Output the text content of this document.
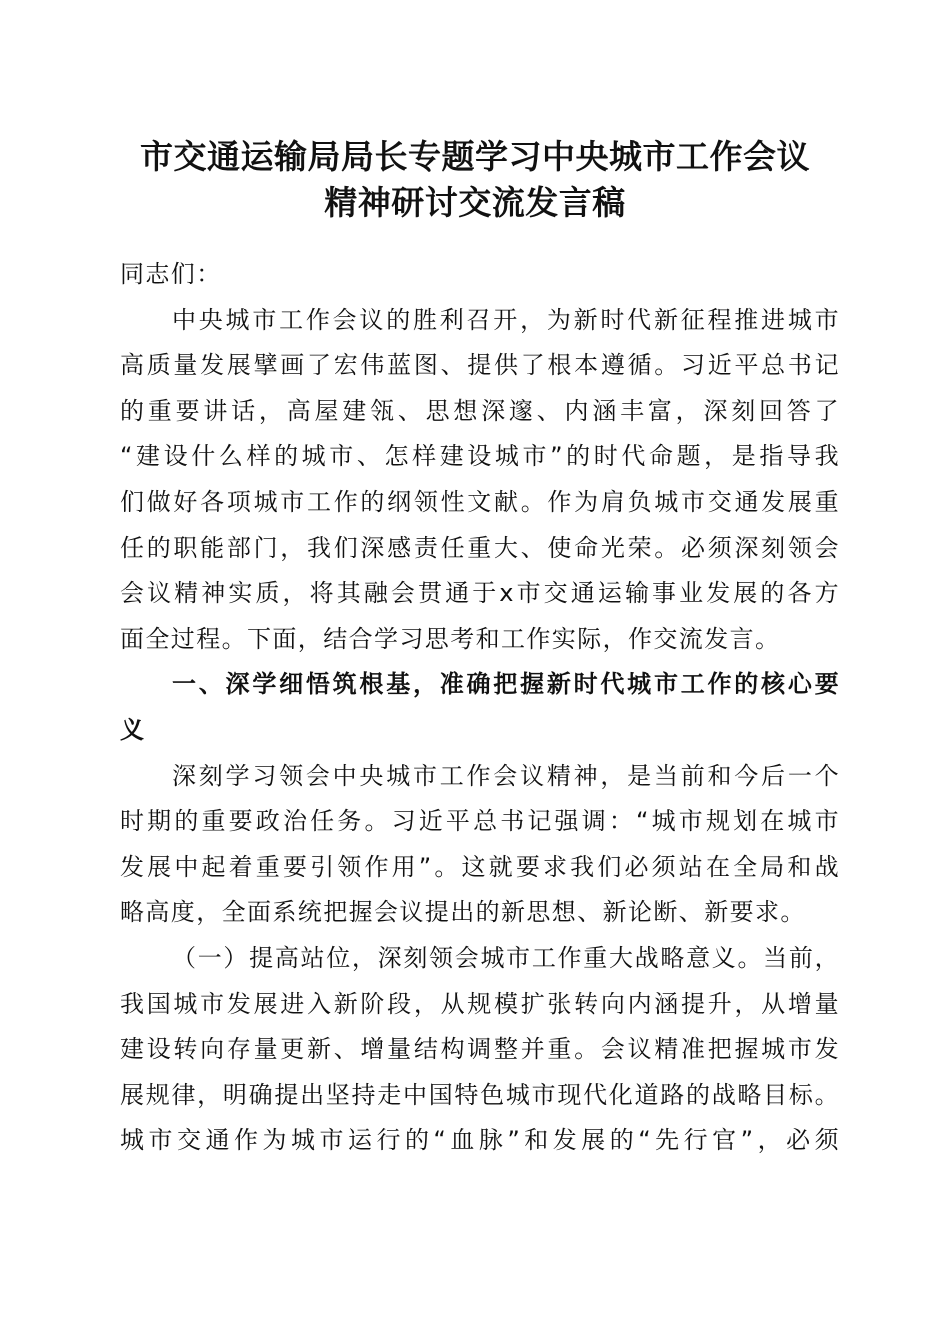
市交通运输局局长专题学习中央城市工作会议
精神研讨交流发言稿
同志们：
中央城市工作会议的胜利召开，为新时代新征程推进城市
高质量发展擘画了宏伟蓝图、提供了根本遵循。习近平总书记
的重要讲话，高屋建瓴、思想深邃、内涵丰富，深刻回答了
“建设什么样的城市、怎样建设城市”的时代命题，是指导我
们做好各项城市工作的纲领性文献。作为肩负城市交通发展重
任的职能部门，我们深感责任重大、使命光荣。必须深刻领会
会议精神实质，将其融会贯通于x市交通运输事业发展的各方
面全过程。下面，结合学习思考和工作实际，作交流发言。
一、深学细悟筑根基，准确把握新时代城市工作的核心要
义
深刻学习领会中央城市工作会议精神，是当前和今后一个
时期的重要政治任务。习近平总书记强调：“城市规划在城市
发展中起着重要引领作用”。这就要求我们必须站在全局和战
略高度，全面系统把握会议提出的新思想、新论断、新要求。
（一）提高站位，深刻领会城市工作重大战略意义。当前，
我国城市发展进入新阶段，从规模扩张转向内涵提升，从增量
建设转向存量更新、增量结构调整并重。会议精准把握城市发
展规律，明确提出坚持走中国特色城市现代化道路的战略目标。
城市交通作为城市运行的“血脉”和发展的“先行官”，必须
